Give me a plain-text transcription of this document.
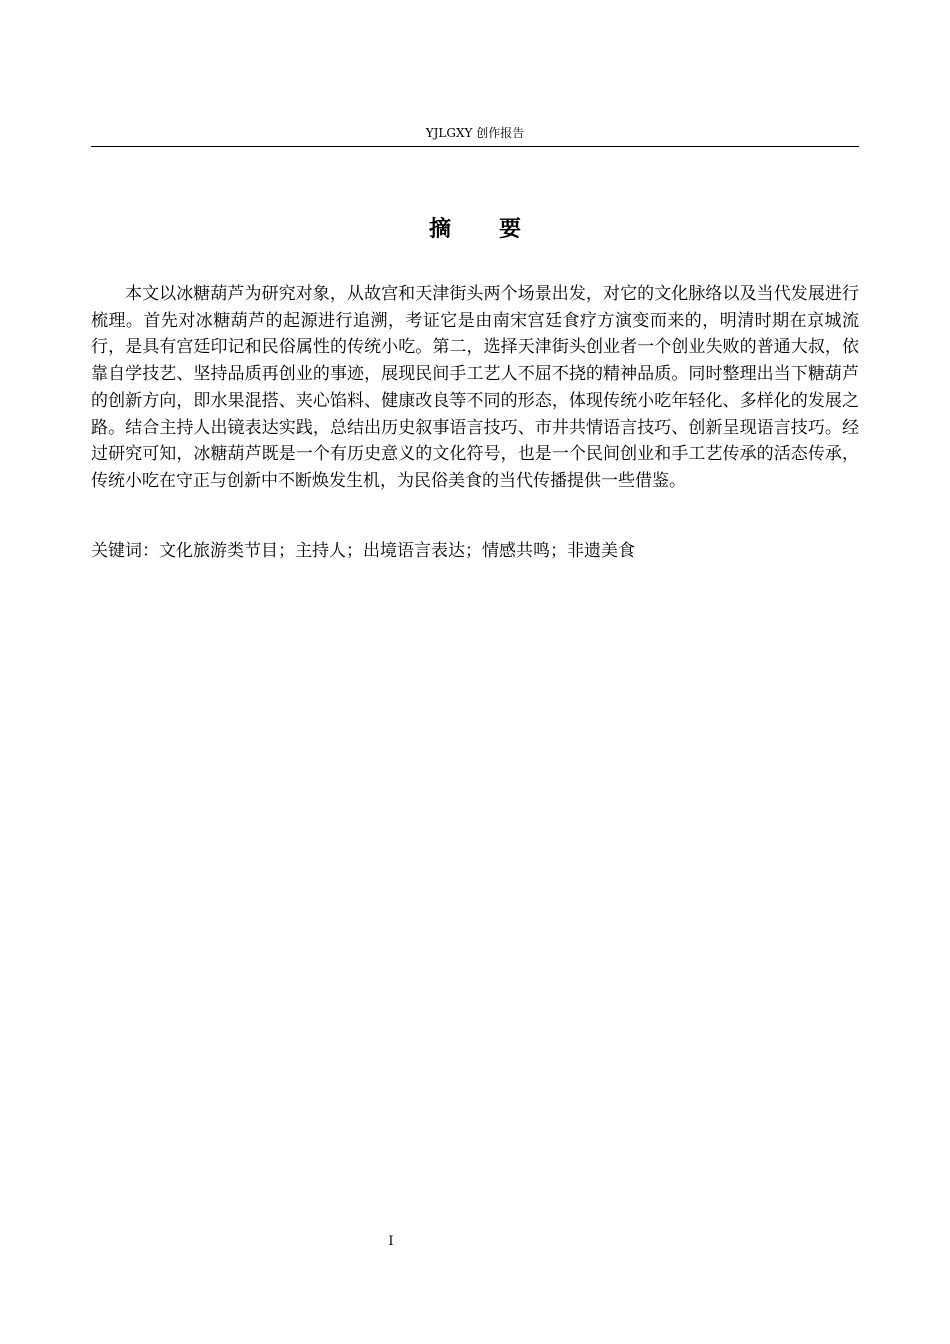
YJLGXY 创作报告
摘 要

本文以冰糖葫芦为研究对象，从故宫和天津街头两个场景出发，对它的文化脉络以及当代发展进行梳理。首先对冰糖葫芦的起源进行追溯，考证它是由南宋宫廷食疗方演变而来的，明清时期在京城流行，是具有宫廷印记和民俗属性的传统小吃。第二，选择天津街头创业者一个创业失败的普通大叔，依靠自学技艺、坚持品质再创业的事迹，展现民间手工艺人不屈不挠的精神品质。同时整理出当下糖葫芦的创新方向，即水果混搭、夹心馅料、健康改良等不同的形态，体现传统小吃年轻化、多样化的发展之路。结合主持人出镜表达实践，总结出历史叙事语言技巧、市井共情语言技巧、创新呈现语言技巧。经过研究可知，冰糖葫芦既是一个有历史意义的文化符号，也是一个民间创业和手工艺传承的活态传承，传统小吃在守正与创新中不断焕发生机，为民俗美食的当代传播提供一些借鉴。

关键词：文化旅游类节目；主持人；出境语言表达；情感共鸣；非遗美食

I
